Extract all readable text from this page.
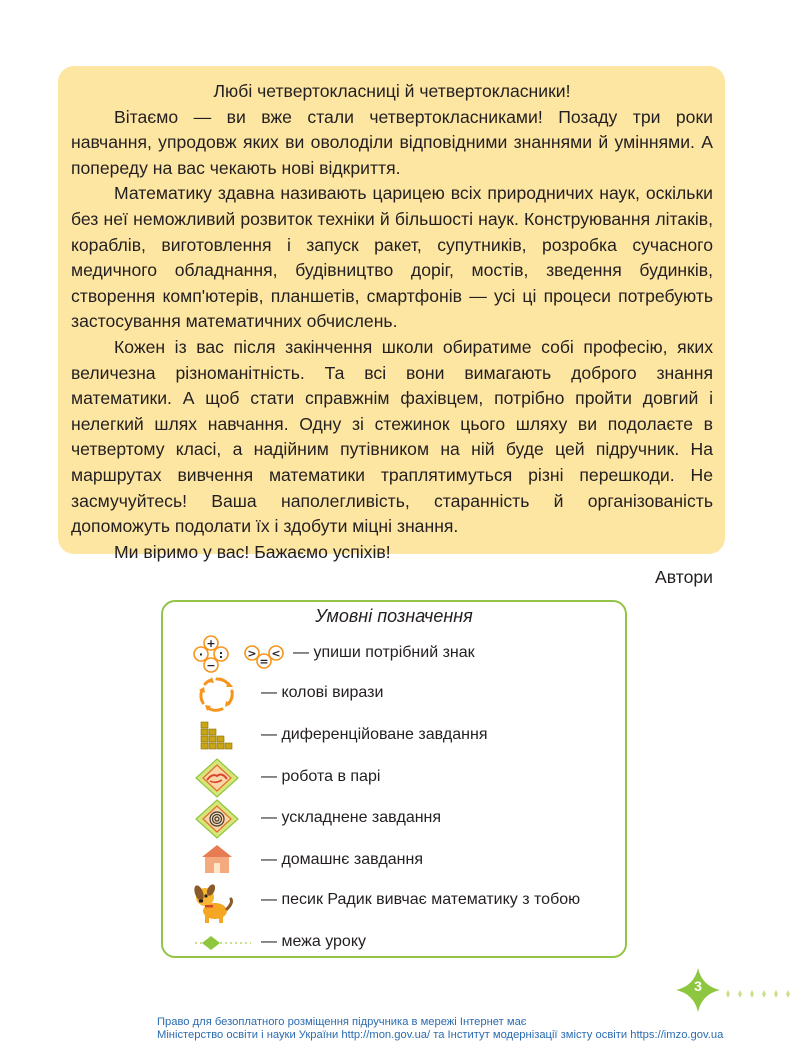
Любі четвертокласниці й четвертокласники!

Вітаємо — ви вже стали четвертокласниками! Позаду три роки навчання, упродовж яких ви оволоділи відповідними знаннями й уміннями. А попереду на вас чекають нові відкриття.

Математику здавна називають царицею всіх природничих наук, оскільки без неї неможливий розвиток техніки й більшості наук. Конструювання літаків, кораблів, виготовлення і запуск ракет, супутників, розробка сучасного медичного обладнання, будівництво доріг, мостів, зведення будинків, створення комп'ютерів, планшетів, смартфонів — усі ці процеси потребують застосування математичних обчислень.

Кожен із вас після закінчення школи обиратиме собі професію, яких величезна різноманітність. Та всі вони вимагають доброго знання математики. А щоб стати справжнім фахівцем, потрібно пройти довгий і нелегкий шлях навчання. Одну зі стежинок цього шляху ви подолаєте в четвертому класі, а надійним путівником на ній буде цей підручник. На маршрутах вивчення математики траплятимуться різні перешкоди. Не засмучуйтесь! Ваша наполегливість, старанність й організованість допоможуть подолати їх і здобути міцні знання.

Ми віримо у вас! Бажаємо успіхів!

Автори

Умовні позначення
+
−
· : >
=
< — упиши потрібний знак
— колові вирази
— диференційоване завдання
— робота в парі
— ускладнене завдання
— домашнє завдання
— песик Радик вивчає математику з тобою
— межа уроку
3
Право для безоплатного розміщення підручника в мережі Інтернет має
Міністерство освіти і науки України http://mon.gov.ua/ та Інститут модернізації змісту освіти https://imzo.gov.ua
